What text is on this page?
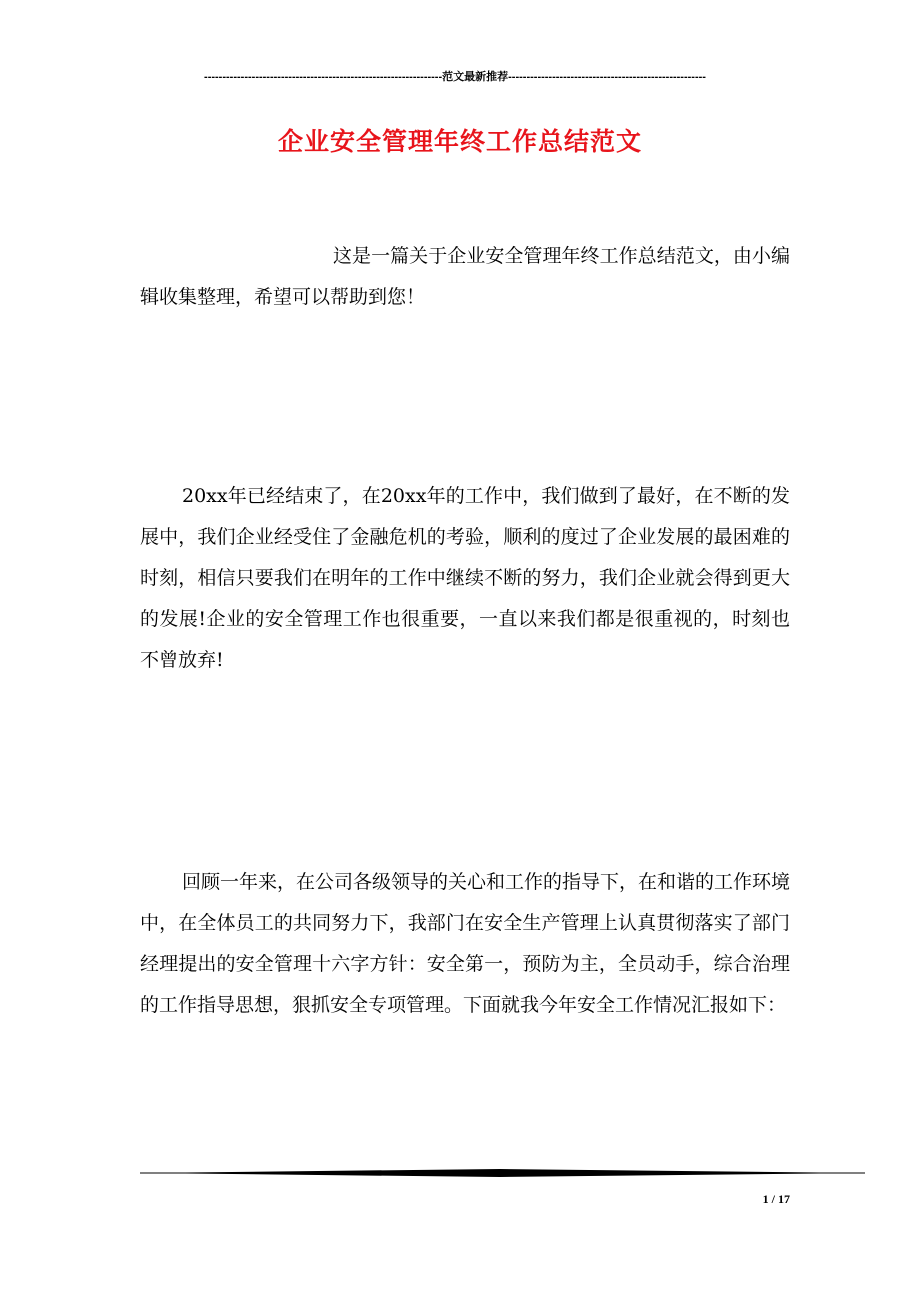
-----------------------------------------------------------------范文最新推荐------------------------------------------------------
企业安全管理年终工作总结范文

这是一篇关于企业安全管理年终工作总结范文，由小编辑收集整理，希望可以帮助到您！

20xx年已经结束了，在20xx年的工作中，我们做到了最好，在不断的发展中，我们企业经受住了金融危机的考验，顺利的度过了企业发展的最困难的时刻，相信只要我们在明年的工作中继续不断的努力，我们企业就会得到更大的发展!企业的安全管理工作也很重要，一直以来我们都是很重视的，时刻也不曾放弃!

回顾一年来，在公司各级领导的关心和工作的指导下，在和谐的工作环境中，在全体员工的共同努力下，我部门在安全生产管理上认真贯彻落实了部门经理提出的安全管理十六字方针：安全第一，预防为主，全员动手，综合治理的工作指导思想，狠抓安全专项管理。下面就我今年安全工作情况汇报如下：

1 / 17
